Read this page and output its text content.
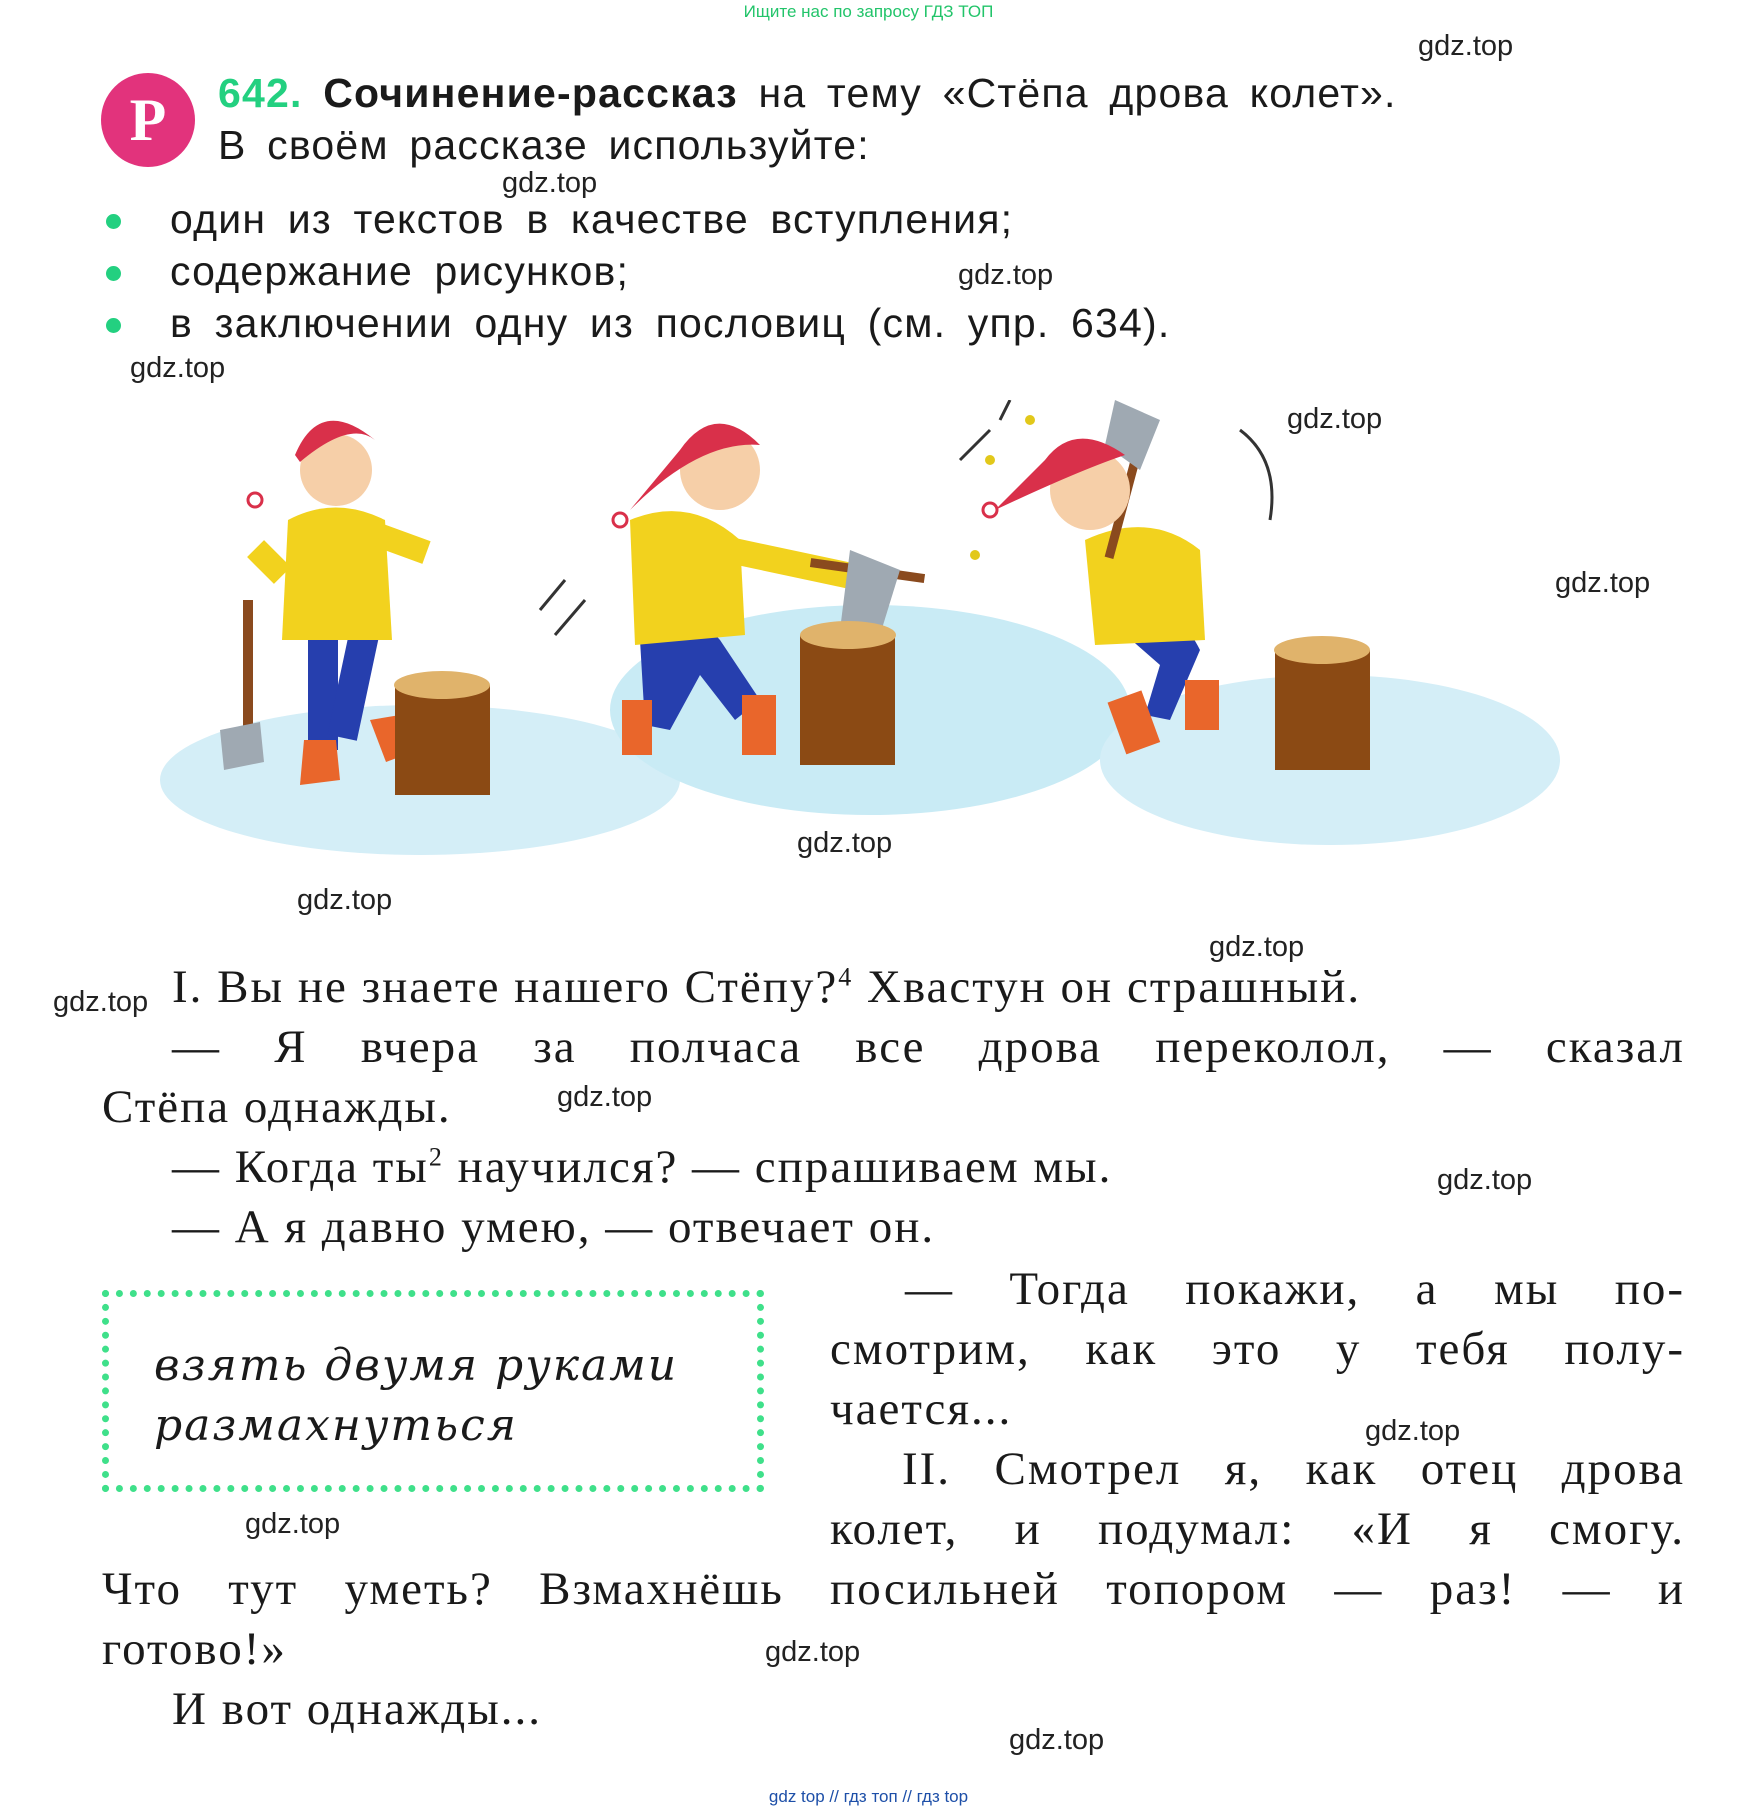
Ищите нас по запросу ГДЗ ТОП
gdz.top
gdz.top
gdz.top
gdz.top
gdz.top
gdz.top
gdz.top
gdz.top
gdz.top
gdz.top
gdz.top
gdz.top
gdz.top
gdz.top
gdz.top
gdz.top
Р	642. Сочинение-рассказ на тему «Стёпа дрова колет».
В своём рассказе используйте:
один из текстов в качестве вступления;
содержание рисунков;
в заключении одну из пословиц (см. упр. 634).
I. Вы не знаете нашего Стёпу?$^4$ Хвастун он страшный.
— Я вчера за полчаса все дрова переколол, — сказал
Стёпа однажды.
— Когда $ты^2$ научился? — спрашиваем мы.
— А я давно умею, — отвечает он.
— Тогда покажи, а мы по-
смотрим, как это у тебя полу-
чается...
II. Смотрел я, как отец дрова
колет, и подумал: «И я смогу.
Что тут уметь? Взмахнёшь посильней топором — раз! — и
готово!»
И вот однажды...
взять двумя руками
размахнуться
gdz top // гдз топ // гдз top
